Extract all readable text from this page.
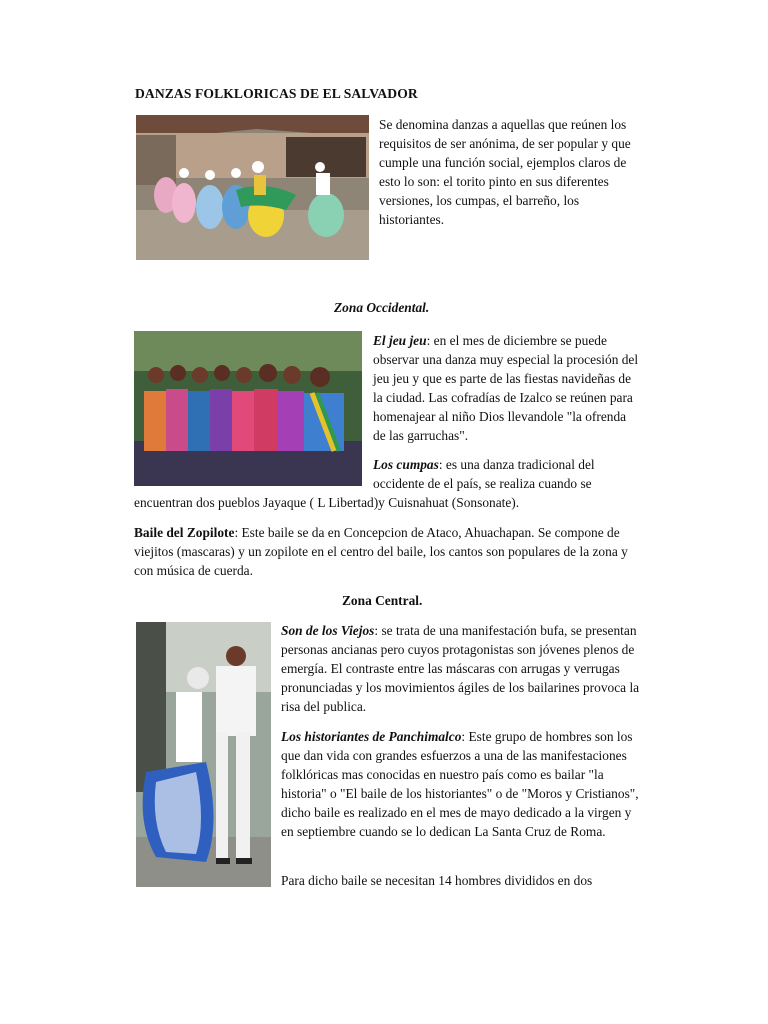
DANZAS FOLKLORICAS DE EL SALVADOR

Se denomina danzas a aquellas que reúnen los requisitos de ser anónima, de ser popular y que cumple una función social, ejemplos claros de esto lo son: el torito pinto en sus diferentes versiones, los cumpas, el barreño, los historiantes.

Zona Occidental.

El jeu jeu: en el mes de diciembre se puede observar una danza muy especial la procesión del jeu jeu y que es parte de las fiestas navideñas de la ciudad. Las cofradías de Izalco se reúnen para homenajear al niño Dios llevandole "la ofrenda de las garruchas".

Los cumpas: es una danza tradicional del

occidente de el país, se realiza cuando se

encuentran dos pueblos Jayaque ( L Libertad)y Cuisnahuat (Sonsonate).

Baile del Zopilote: Este baile se da en Concepcion de Ataco, Ahuachapan. Se compone de viejitos (mascaras) y un zopilote en el centro del baile, los cantos son populares de la zona y con música de cuerda.

Zona Central.

Son de los Viejos: se trata de una manifestación bufa, se presentan personas ancianas pero cuyos protagonistas son jóvenes plenos de emergía. El contraste entre las máscaras con arrugas y verrugas pronunciadas y los movimientos ágiles de los bailarines provoca la risa del publica.

Los historiantes de Panchimalco: Este grupo de hombres son los que dan vida con grandes esfuerzos a una de las manifestaciones folklóricas mas conocidas en nuestro país como es bailar "la historia" o "El baile de los historiantes" o de "Moros y Cristianos", dicho baile es realizado en el mes de mayo dedicado a la virgen y en septiembre cuando se lo dedican La Santa Cruz de Roma.

Para dicho baile se necesitan 14 hombres divididos en dos
